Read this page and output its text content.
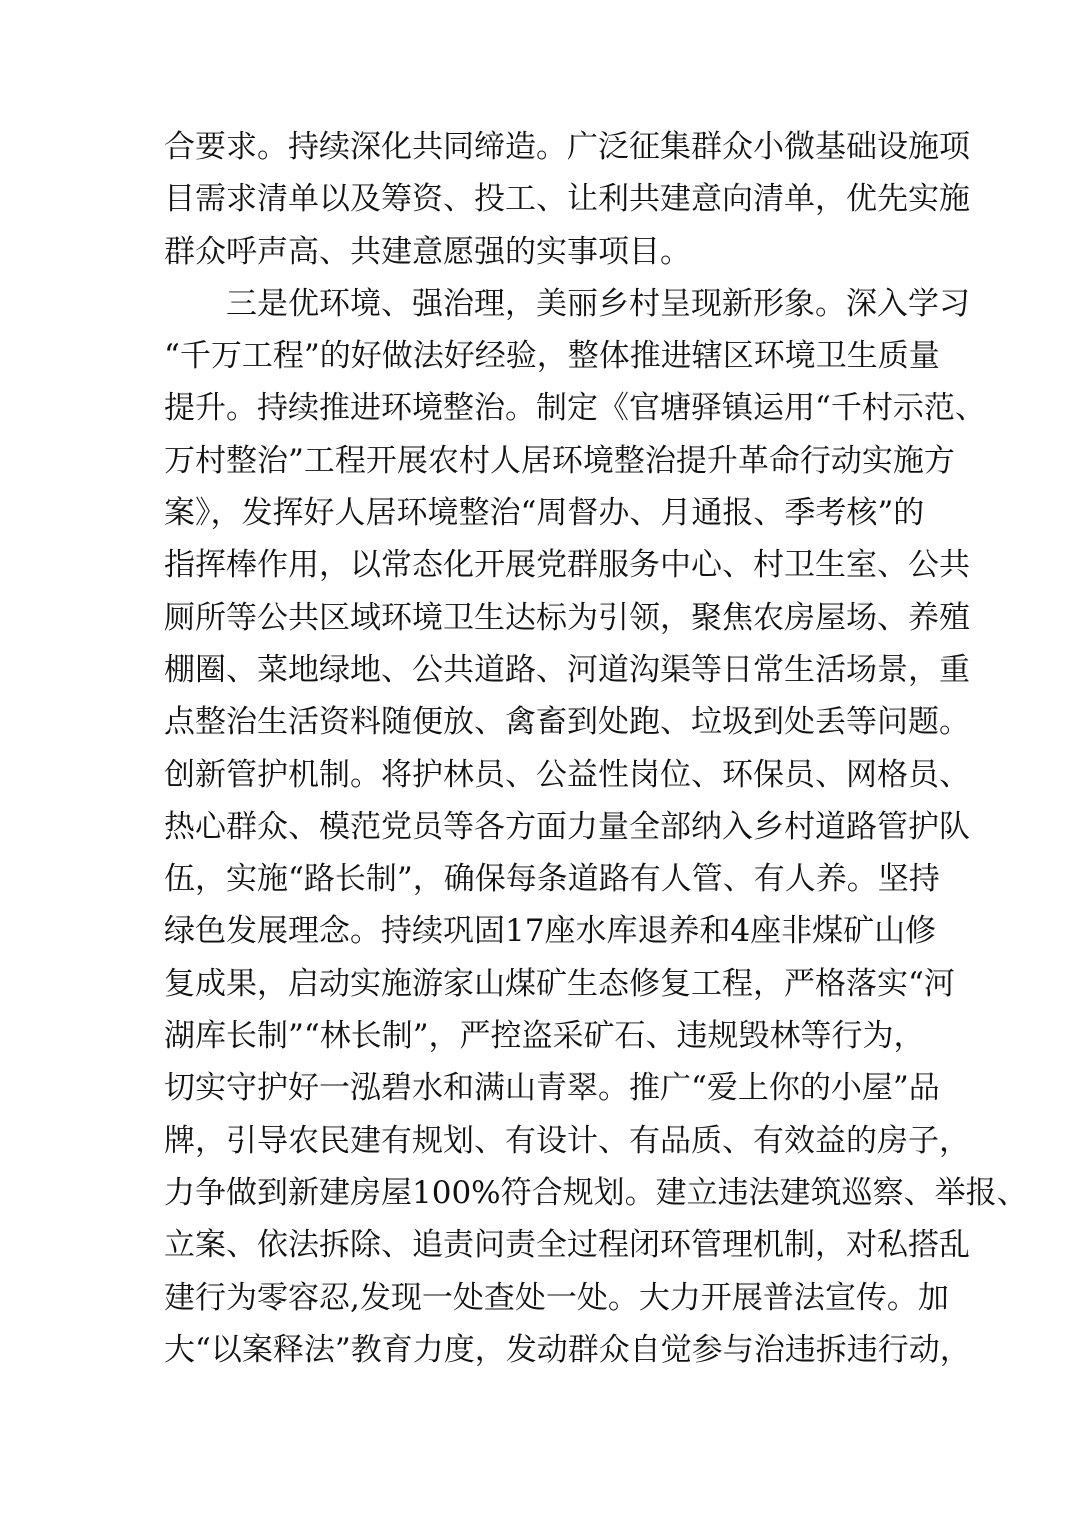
合要求。持续深化共同缔造。广泛征集群众小微基础设施项
目需求清单以及筹资、投工、让利共建意向清单，优先实施
群众呼声高、共建意愿强的实事项目。
三是优环境、强治理，美丽乡村呈现新形象。深入学习
“千万工程”的好做法好经验，整体推进辖区环境卫生质量
提升。持续推进环境整治。制定《官塘驿镇运用“千村示范、
万村整治”工程开展农村人居环境整治提升革命行动实施方
案》，发挥好人居环境整治“周督办、月通报、季考核”的
指挥棒作用，以常态化开展党群服务中心、村卫生室、公共
厕所等公共区域环境卫生达标为引领，聚焦农房屋场、养殖
棚圈、菜地绿地、公共道路、河道沟渠等日常生活场景，重
点整治生活资料随便放、禽畜到处跑、垃圾到处丢等问题。
创新管护机制。将护林员、公益性岗位、环保员、网格员、
热心群众、模范党员等各方面力量全部纳入乡村道路管护队
伍，实施“路长制”，确保每条道路有人管、有人养。坚持
绿色发展理念。持续巩固17座水库退养和4座非煤矿山修
复成果，启动实施游家山煤矿生态修复工程，严格落实“河
湖库长制”“林长制”，严控盗采矿石、违规毁林等行为，
切实守护好一泓碧水和满山青翠。推广“爱上你的小屋”品
牌，引导农民建有规划、有设计、有品质、有效益的房子，
力争做到新建房屋100%符合规划。建立违法建筑巡察、举报、
立案、依法拆除、追责问责全过程闭环管理机制，对私搭乱
建行为零容忍,发现一处查处一处。大力开展普法宣传。加
大“以案释法”教育力度，发动群众自觉参与治违拆违行动，
